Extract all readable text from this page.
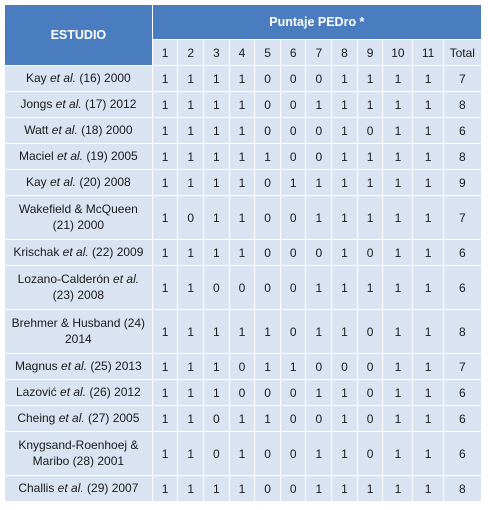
ESTUDIO	Puntaje PEDro *											
	1	2	3	4	5	6	7	8	9	10	11	Total
Kay et al. (16) 2000	1	1	1	1	0	0	0	1	1	1	1	7
Jongs et al. (17) 2012	1	1	1	1	0	0	1	1	1	1	1	8
Watt et al. (18) 2000	1	1	1	1	0	0	0	1	0	1	1	6
Maciel et al. (19) 2005	1	1	1	1	1	0	0	1	1	1	1	8
Kay et al. (20) 2008	1	1	1	1	0	1	1	1	1	1	1	9
Wakefield & McQueen
(21) 2000	1	0	1	1	0	0	1	1	1	1	1	7
Krischak et al. (22) 2009	1	1	1	1	0	0	0	1	0	1	1	6
Lozano-Calderón et al.
(23) 2008	1	1	0	0	0	0	1	1	1	1	1	6
Brehmer & Husband (24)
2014	1	1	1	1	1	0	1	1	0	1	1	8
Magnus et al. (25) 2013	1	1	1	0	1	1	0	0	0	1	1	7
Lazović et al. (26) 2012	1	1	1	0	0	0	1	1	0	1	1	6
Cheing et al. (27) 2005	1	1	0	1	1	0	0	1	0	1	1	6
Knygsand-Roenhoej &
Maribo (28) 2001	1	1	0	1	0	0	1	1	0	1	1	6
Challis et al. (29) 2007	1	1	1	1	0	0	1	1	1	1	1	8
